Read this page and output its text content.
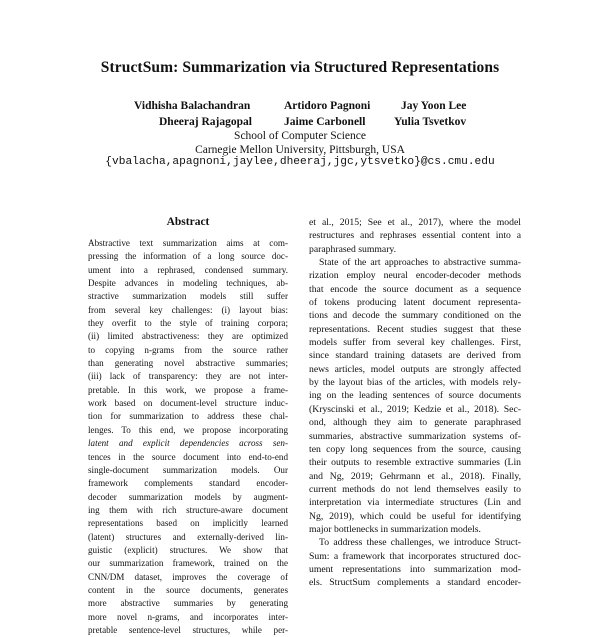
StructSum: Summarization via Structured Representations
Vidhisha Balachandran	Artidoro Pagnoni	Jay Yoon Lee
Dheeraj Rajagopal	Jaime Carbonell Yulia Tsvetkov
School of Computer Science
Carnegie Mellon University, Pittsburgh, USA
{vbalacha,apagnoni,jaylee,dheeraj,jgc,ytsvetko}@cs.cmu.edu
Abstract
Abstractive text summarization aims at com-
pressing the information of a long source doc-
ument into a rephrased, condensed summary.
Despite advances in modeling techniques, ab-
stractive summarization models still suffer
from several key challenges: (i) layout bias:
they overfit to the style of training corpora;
(ii) limited abstractiveness: they are optimized
to copying n-grams from the source rather
than generating novel abstractive summaries;
(iii) lack of transparency: they are not inter-
pretable. In this work, we propose a frame-
work based on document-level structure induc-
tion for summarization to address these chal-
lenges. To this end, we propose incorporating
latent and explicit dependencies across sen-
tences in the source document into end-to-end
single-document summarization models. Our
framework complements standard encoder-
decoder summarization models by augment-
ing them with rich structure-aware document
representations based on implicitly learned
(latent) structures and externally-derived lin-
guistic (explicit) structures. We show that
our summarization framework, trained on the
CNN/DM dataset, improves the coverage of
content in the source documents, generates
more abstractive summaries by generating
more novel n-grams, and incorporates inter-
pretable sentence-level structures, while per-
et al., 2015; See et al., 2017), where the model
restructures and rephrases essential content into a
paraphrased summary.
State of the art approaches to abstractive summa-
rization employ neural encoder-decoder methods
that encode the source document as a sequence
of tokens producing latent document representa-
tions and decode the summary conditioned on the
representations. Recent studies suggest that these
models suffer from several key challenges. First,
since standard training datasets are derived from
news articles, model outputs are strongly affected
by the layout bias of the articles, with models rely-
ing on the leading sentences of source documents
(Kryscinski et al., 2019; Kedzie et al., 2018). Sec-
ond, although they aim to generate paraphrased
summaries, abstractive summarization systems of-
ten copy long sequences from the source, causing
their outputs to resemble extractive summaries (Lin
and Ng, 2019; Gehrmann et al., 2018). Finally,
current methods do not lend themselves easily to
interpretation via intermediate structures (Lin and
Ng, 2019), which could be useful for identifying
major bottlenecks in summarization models.
To address these challenges, we introduce Struct-
Sum: a framework that incorporates structured doc-
ument representations into summarization mod-
els. StructSum complements a standard encoder-
